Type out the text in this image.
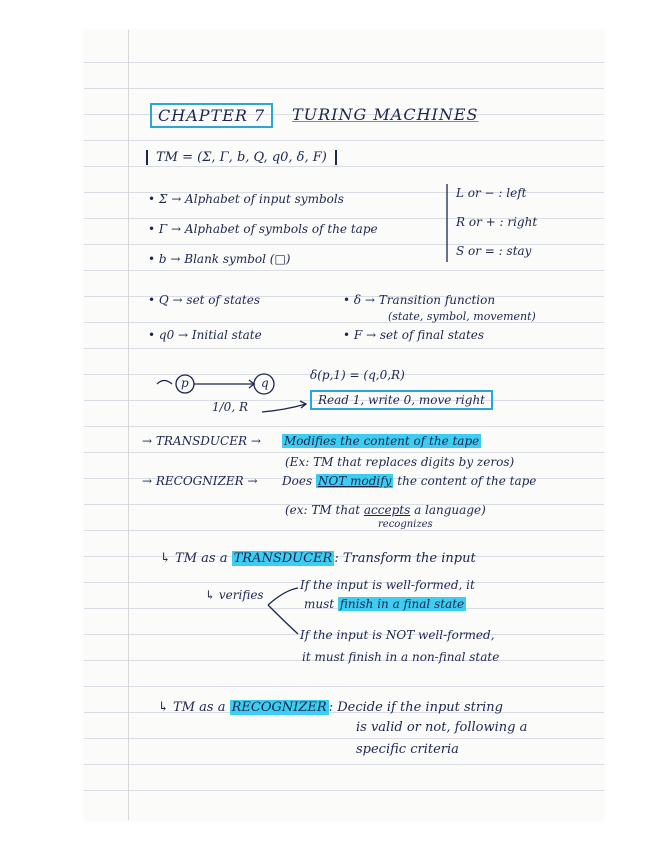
CHAPTER 7	TURING MACHINES
TM = (Σ, Γ, b, Q, q0, δ, F)
• Σ → Alphabet of input symbols
• Γ → Alphabet of symbols of the tape
• b → Blank symbol (□)
L or − : left
R or + : right
S or = : stay
• Q → set of states	• δ → Transition function
(state, symbol, movement)
• q0 → Initial state	• F → set of final states
p	q
1/0, R
δ(p,1) = (q,0,R)
Read 1, write 0, move right
→ TRANSDUCER → Modifies the content of the tape
(Ex: TM that replaces digits by zeros)
→ RECOGNIZER → Does NOT modify the content of the tape
(ex: TM that accepts a language)
recognizes
↳ TM as a TRANSDUCER : Transform the input
↳ verifies
If the input is well-formed, it
must finish in a final state
If the input is NOT well-formed,
it must finish in a non-final state
↳ TM as a RECOGNIZER : Decide if the input string
is valid or not, following a
specific criteria
